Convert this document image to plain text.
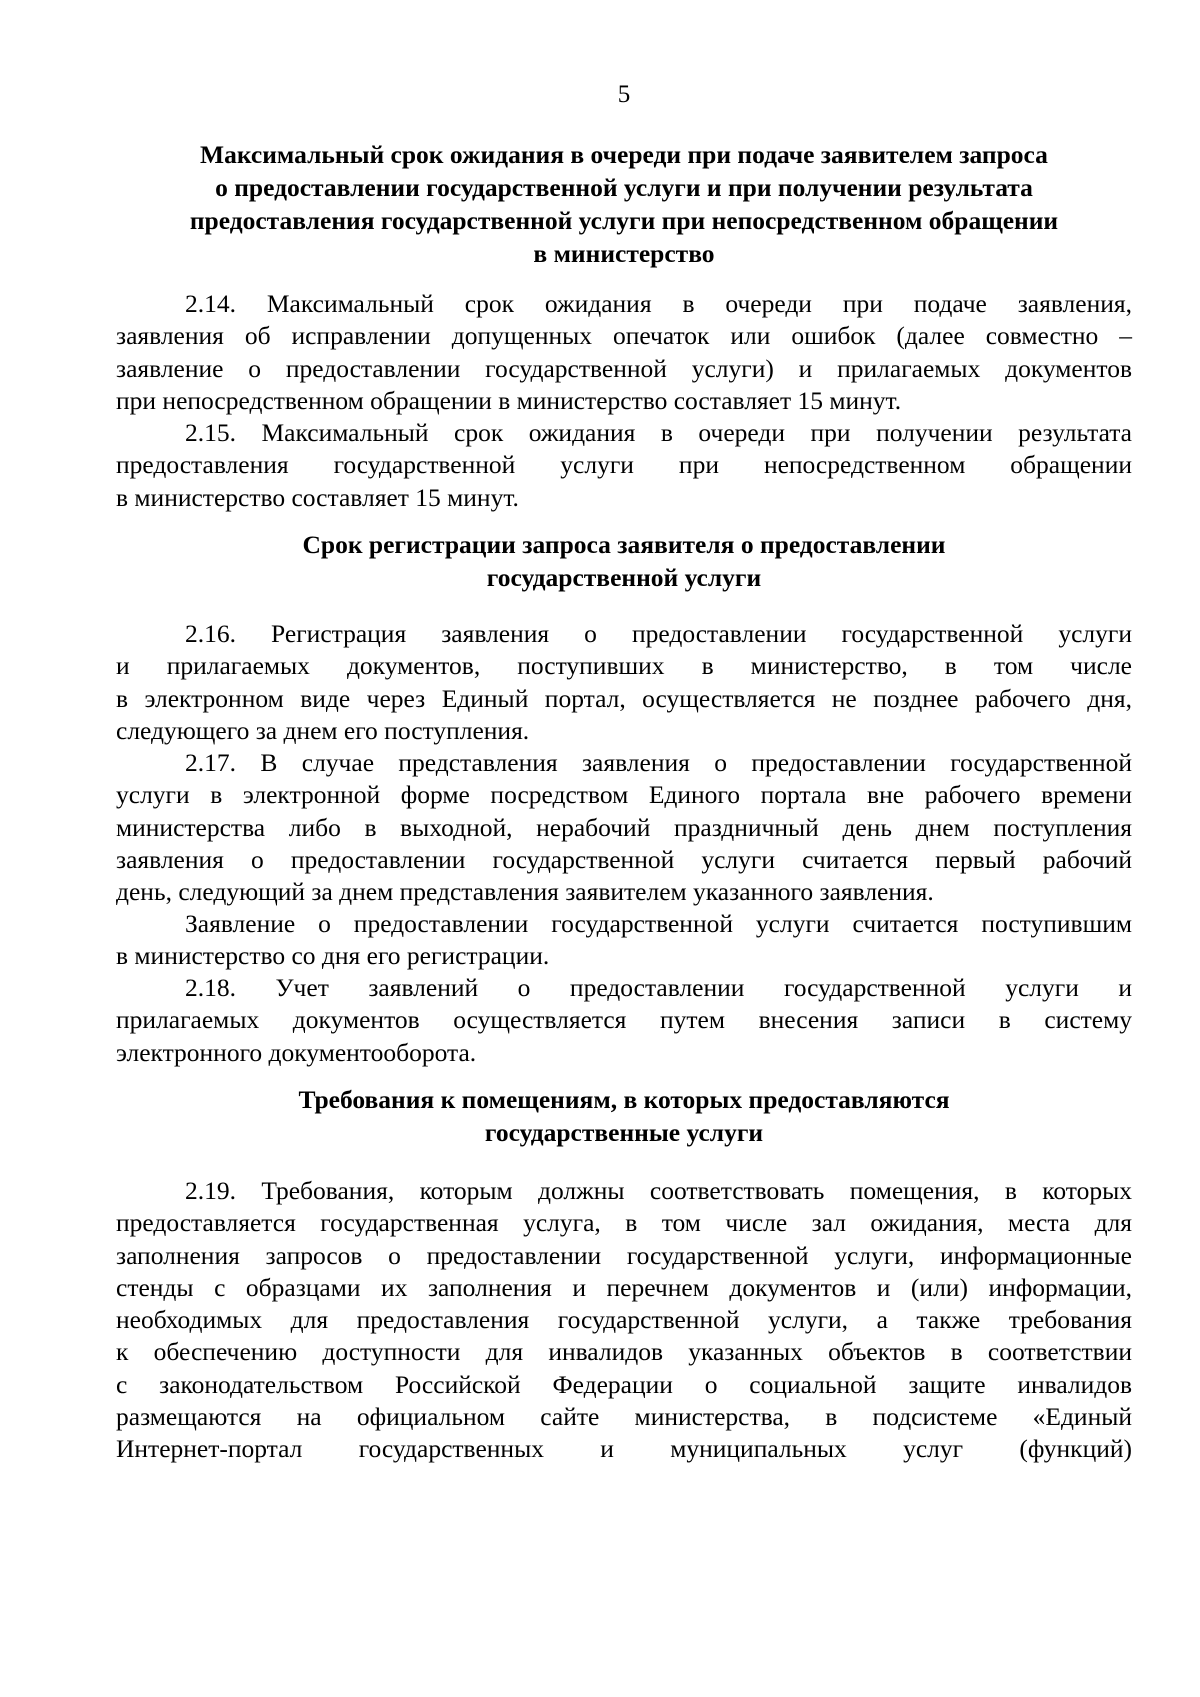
5
Максимальный срок ожидания в очереди при подаче заявителем запроса
о предоставлении государственной услуги и при получении результата
предоставления государственной услуги при непосредственном обращении
в министерство

2.14. Максимальный срок ожидания в очереди при подаче заявления,
заявления об исправлении допущенных опечаток или ошибок (далее совместно –
заявление о предоставлении государственной услуги) и прилагаемых документов
при непосредственном обращении в министерство составляет 15 минут.

2.15. Максимальный срок ожидания в очереди при получении результата
предоставления государственной услуги при непосредственном обращении
в министерство составляет 15 минут.

Срок регистрации запроса заявителя о предоставлении
государственной услуги

2.16. Регистрация заявления о предоставлении государственной услуги
и прилагаемых документов, поступивших в министерство, в том числе
в электронном виде через Единый портал, осуществляется не позднее рабочего дня,
следующего за днем его поступления.

2.17. В случае представления заявления о предоставлении государственной
услуги в электронной форме посредством Единого портала вне рабочего времени
министерства либо в выходной, нерабочий праздничный день днем поступления
заявления о предоставлении государственной услуги считается первый рабочий
день, следующий за днем представления заявителем указанного заявления.

Заявление о предоставлении государственной услуги считается поступившим
в министерство со дня его регистрации.

2.18. Учет заявлений о предоставлении государственной услуги и
прилагаемых документов осуществляется путем внесения записи в систему
электронного документооборота.

Требования к помещениям, в которых предоставляются
государственные услуги

2.19. Требования, которым должны соответствовать помещения, в которых
предоставляется государственная услуга, в том числе зал ожидания, места для
заполнения запросов о предоставлении государственной услуги, информационные
стенды с образцами их заполнения и перечнем документов и (или) информации,
необходимых для предоставления государственной услуги, а также требования
к обеспечению доступности для инвалидов указанных объектов в соответствии
с законодательством Российской Федерации о социальной защите инвалидов
размещаются на официальном сайте министерства, в подсистеме «Единый
Интернет-портал государственных и муниципальных услуг (функций)
